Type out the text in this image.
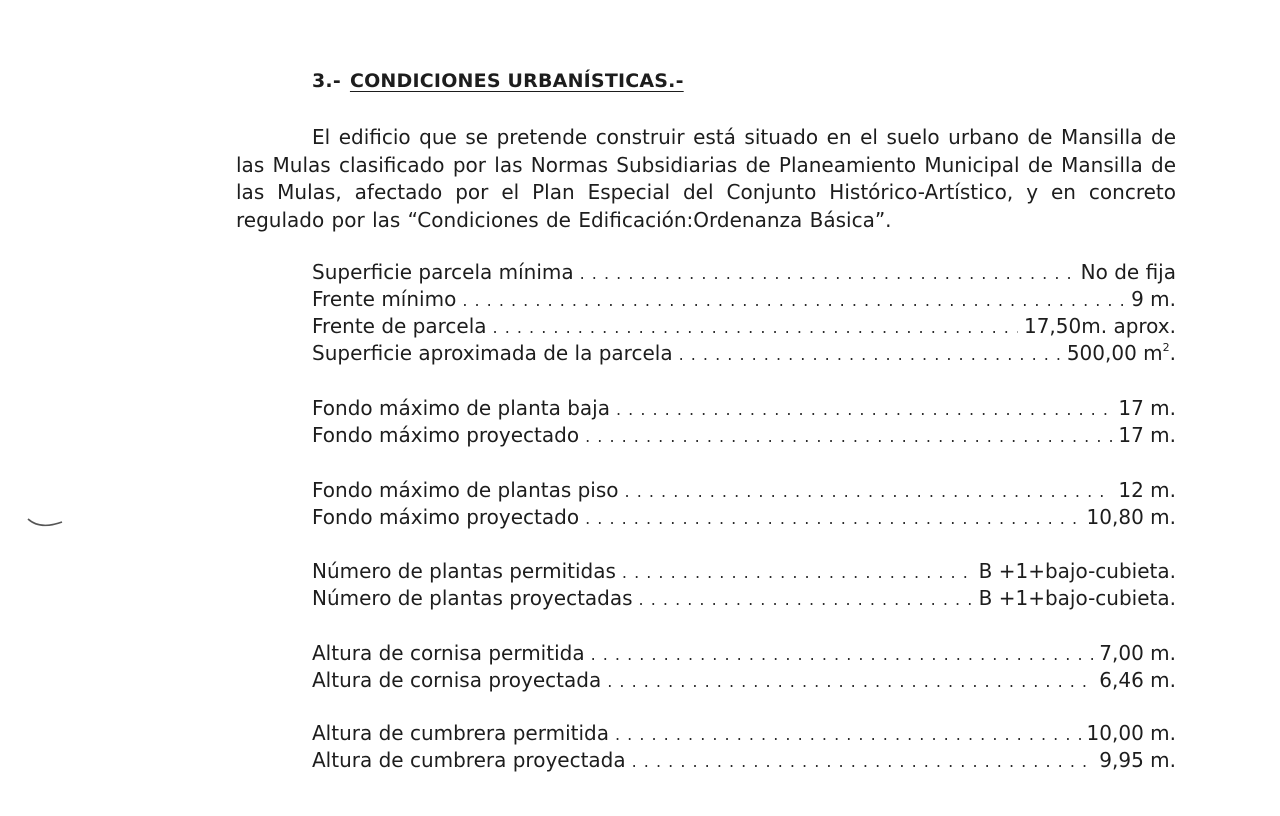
3.- CONDICIONES URBANÍSTICAS.-
El edificio que se pretende construir está situado en el suelo urbano de Mansilla de las Mulas clasificado por las Normas Subsidiarias de Planeamiento Municipal de Mansilla de las Mulas, afectado por el Plan Especial del Conjunto Histórico-Artístico, y en concreto regulado por las “Condiciones de Edificación:Ordenanza Básica”.
Superficie parcela mínima . . .	No de fija
Frente mínimo . . .	9 m.
Frente de parcela . . .	17,50m. aprox.
Superficie aproximada de la parcela . . .	500,00 $m^2$.
Fondo máximo de planta baja . . .	17 m.
Fondo máximo proyectado . . .	17 m.
Fondo máximo de plantas piso . . .	12 m.
Fondo máximo proyectado . . .	10,80 m.
Número de plantas permitidas . . .	B +1+bajo-cubieta.
Número de plantas proyectadas . . .	B +1+bajo-cubieta.
Altura de cornisa permitida . . .	7,00 m.
Altura de cornisa proyectada . . .	6,46 m.
Altura de cumbrera permitida . . .	10,00 m.
Altura de cumbrera proyectada . . .	9,95 m.
